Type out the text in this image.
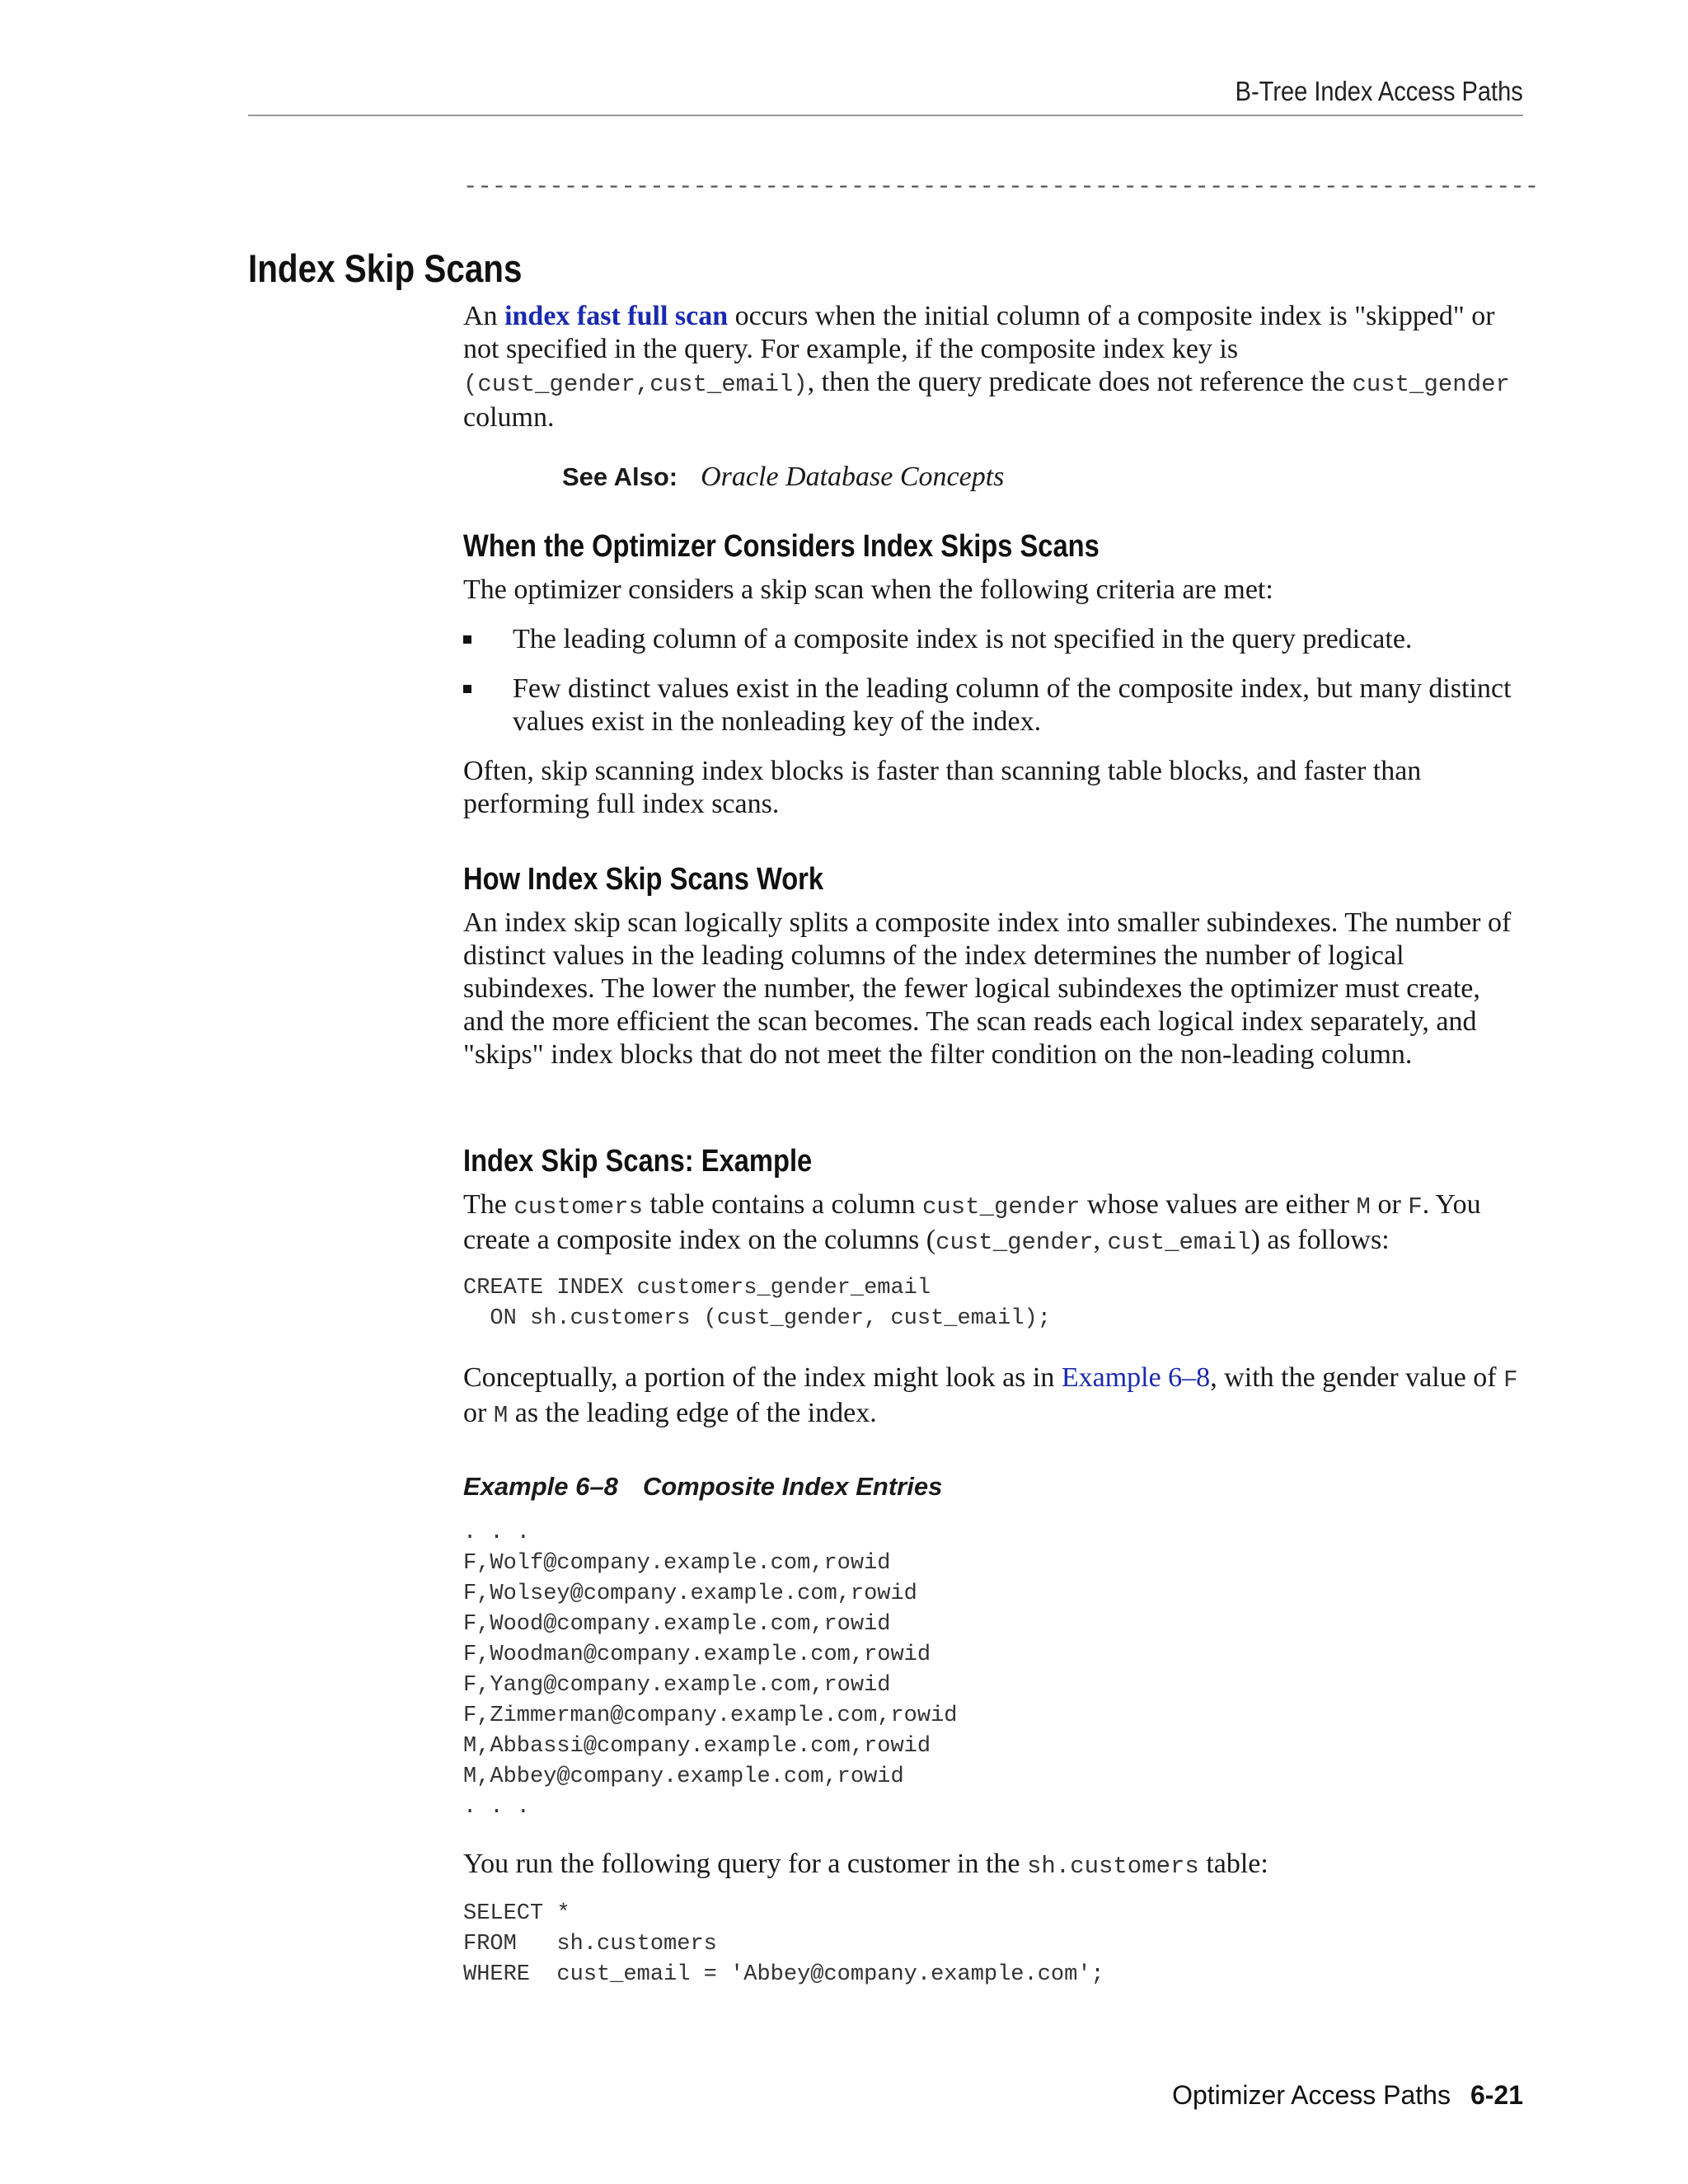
B-Tree Index Access Paths
---------------------------------------------------------------------------
Index Skip Scans

An index fast full scan occurs when the initial column of a composite index is "skipped" or not specified in the query. For example, if the composite index key is (cust_gender,cust_email), then the query predicate does not reference the cust_gender column.

See Also: Oracle Database Concepts
When the Optimizer Considers Index Skips Scans

The optimizer considers a skip scan when the following criteria are met:

The leading column of a composite index is not specified in the query predicate.
Few distinct values exist in the leading column of the composite index, but many distinct values exist in the nonleading key of the index.

Often, skip scanning index blocks is faster than scanning table blocks, and faster than performing full index scans.

How Index Skip Scans Work

An index skip scan logically splits a composite index into smaller subindexes. The number of distinct values in the leading columns of the index determines the number of logical subindexes. The lower the number, the fewer logical subindexes the optimizer must create, and the more efficient the scan becomes. The scan reads each logical index separately, and "skips" index blocks that do not meet the filter condition on the non-leading column.

Index Skip Scans: Example

The customers table contains a column cust_gender whose values are either M or F. You create a composite index on the columns (cust_gender, cust_email) as follows:

CREATE INDEX customers_gender_email
ON sh.customers (cust_gender, cust_email);

Conceptually, a portion of the index might look as in Example 6–8, with the gender value of F or M as the leading edge of the index.

Example 6–8 Composite Index Entries
. . .
F,Wolf@company.example.com,rowid
F,Wolsey@company.example.com,rowid
F,Wood@company.example.com,rowid
F,Woodman@company.example.com,rowid
F,Yang@company.example.com,rowid
F,Zimmerman@company.example.com,rowid
M,Abbassi@company.example.com,rowid
M,Abbey@company.example.com,rowid
. . .

You run the following query for a customer in the sh.customers table:

SELECT *
FROM   sh.customers
WHERE  cust_email = 'Abbey@company.example.com';
Optimizer Access Paths 6-21
